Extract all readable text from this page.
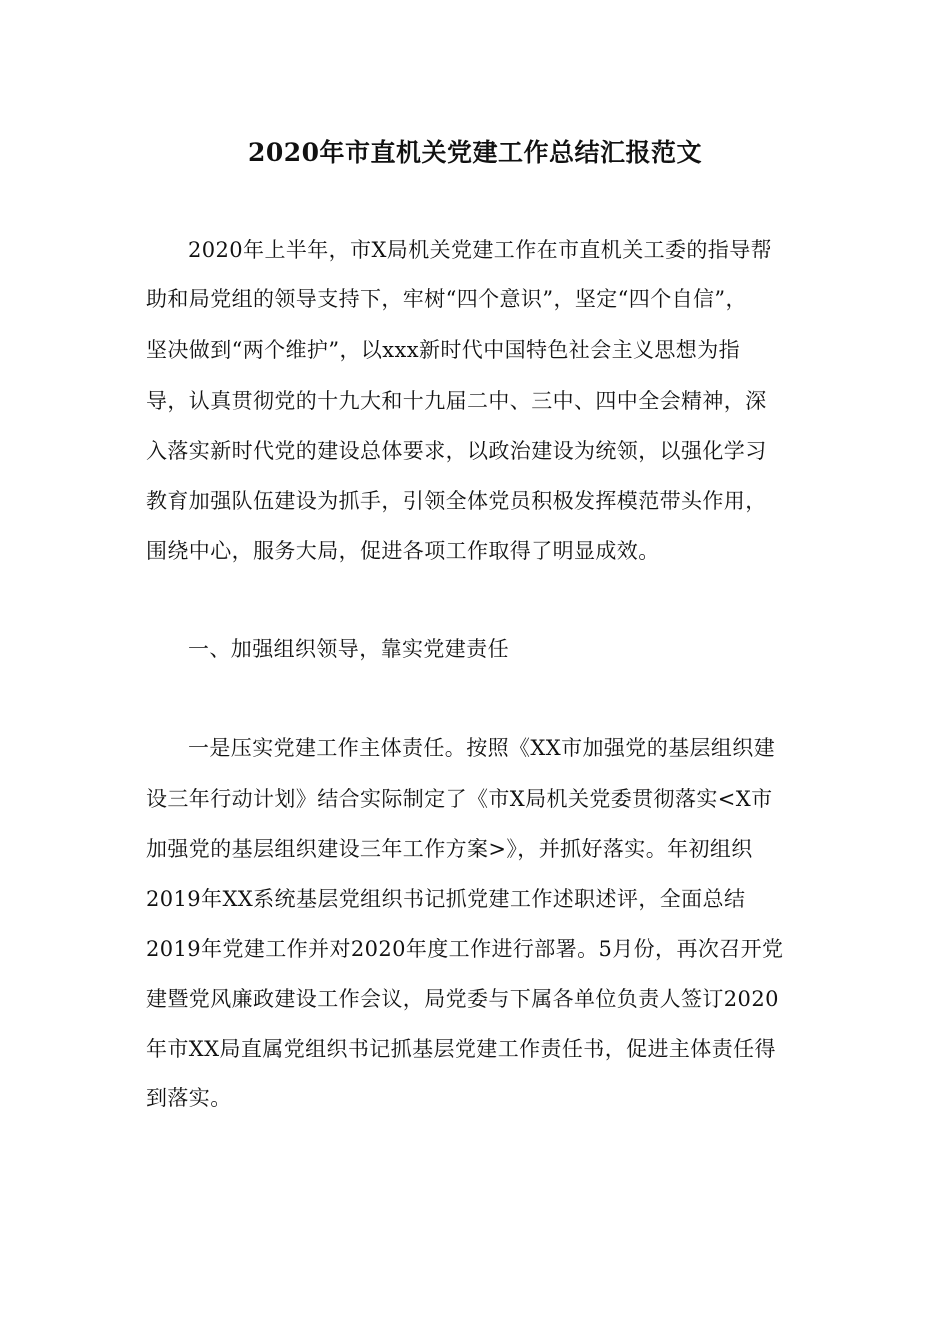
2020年市直机关党建工作总结汇报范文

2020年上半年，市X局机关党建工作在市直机关工委的指导帮

助和局党组的领导支持下，牢树“四个意识”，坚定“四个自信”，

坚决做到“两个维护”，以xxx新时代中国特色社会主义思想为指

导，认真贯彻党的十九大和十九届二中、三中、四中全会精神，深

入落实新时代党的建设总体要求，以政治建设为统领，以强化学习

教育加强队伍建设为抓手，引领全体党员积极发挥模范带头作用，

围绕中心，服务大局，促进各项工作取得了明显成效。

一、加强组织领导，靠实党建责任

一是压实党建工作主体责任。按照《XX市加强党的基层组织建

设三年行动计划》结合实际制定了《市X局机关党委贯彻落实<X市

加强党的基层组织建设三年工作方案>》，并抓好落实。年初组织

2019年XX系统基层党组织书记抓党建工作述职述评，全面总结

2019年党建工作并对2020年度工作进行部署。5月份，再次召开党

建暨党风廉政建设工作会议，局党委与下属各单位负责人签订2020

年市XX局直属党组织书记抓基层党建工作责任书，促进主体责任得

到落实。
